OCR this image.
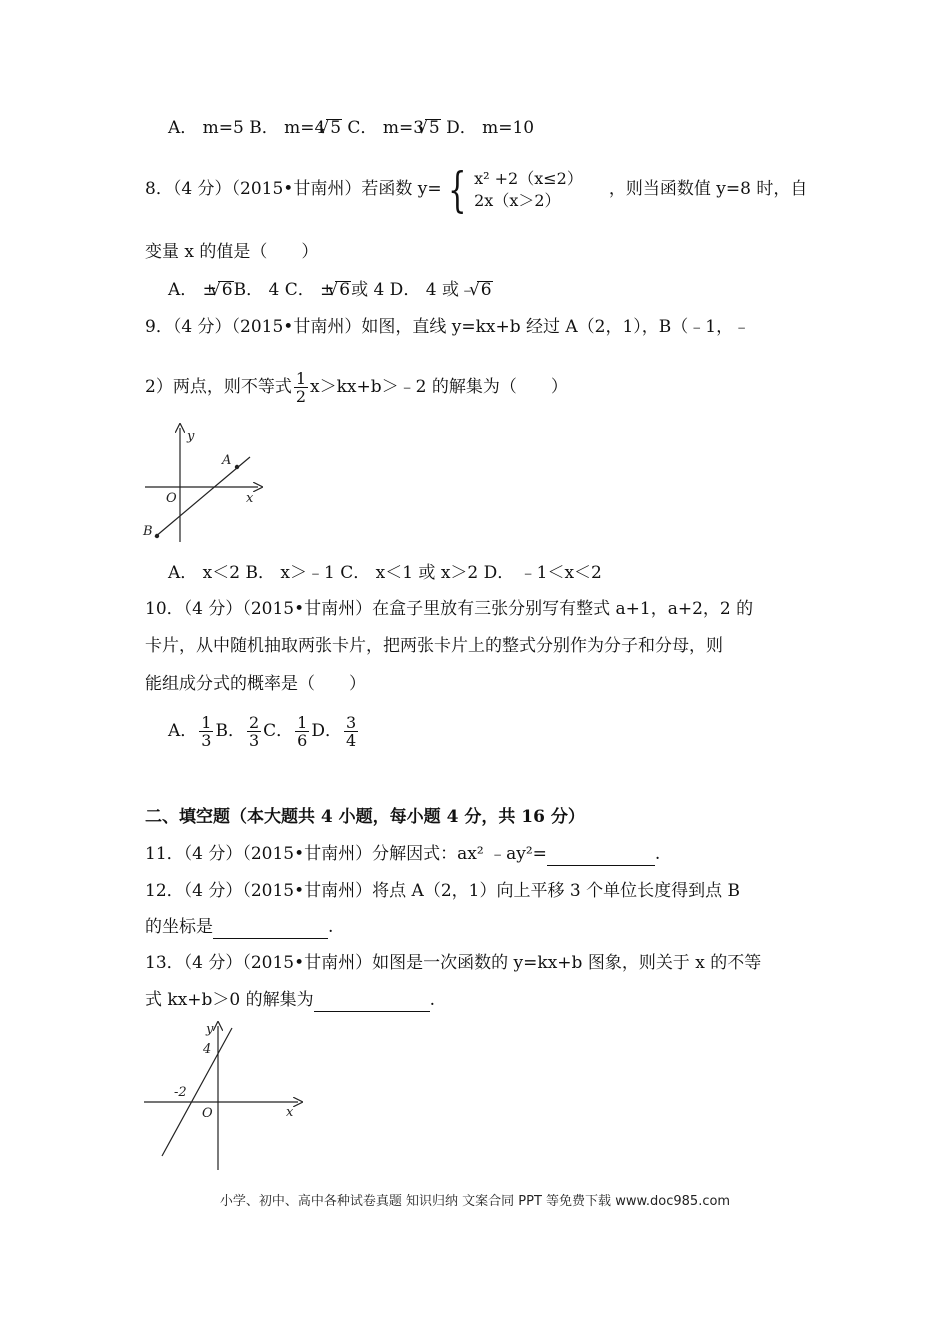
A． m=5 B． m=4 √ 5 C． m=3 √ 5 D． m=10
8．（4 分）（2015•甘南州）若函数 y= { x² +2（x≤2）
2x（x＞2）
，则当函数值 y=8 时，自
变量 x 的值是（　　）
A． ± √ 6B． 4 C． ± √ 6或 4 D． 4 或﹣ √ 6
9．（4 分）（2015•甘南州）如图，直线 y=kx+b 经过 A（2，1），B（﹣1，﹣
2）两点，则不等式 $\frac{1}{2}$ x＞kx+b＞﹣2 的解集为（　　）
y
x
O
A
B
A． x＜2 B． x＞﹣1 C． x＜1 或 x＞2 D． ﹣1＜x＜2
10．（4 分）（2015•甘南州）在盒子里放有三张分别写有整式 a+1，a+2，2 的
卡片，从中随机抽取两张卡片，把两张卡片上的整式分别作为分子和分母，则
能组成分式的概率是（　　）
A． $\frac{1}{3}$ B． $\frac{2}{3}$ C． $\frac{1}{6}$ D． $\frac{3}{4}$
二、填空题（本大题共 4 小题，每小题 4 分，共 16 分）
11．（4 分）（2015•甘南州）分解因式：ax² ﹣ay²=	.
12．（4 分）（2015•甘南州）将点 A（2，1）向上平移 3 个单位长度得到点 B
的坐标是	.
13．（4 分）（2015•甘南州）如图是一次函数的 y=kx+b 图象，则关于 x 的不等
式 kx+b＞0 的解集为	.
y
4
-2
O	x
小学、初中、高中各种试卷真题 知识归纳 文案合同 PPT 等免费下载 www.doc985.com
